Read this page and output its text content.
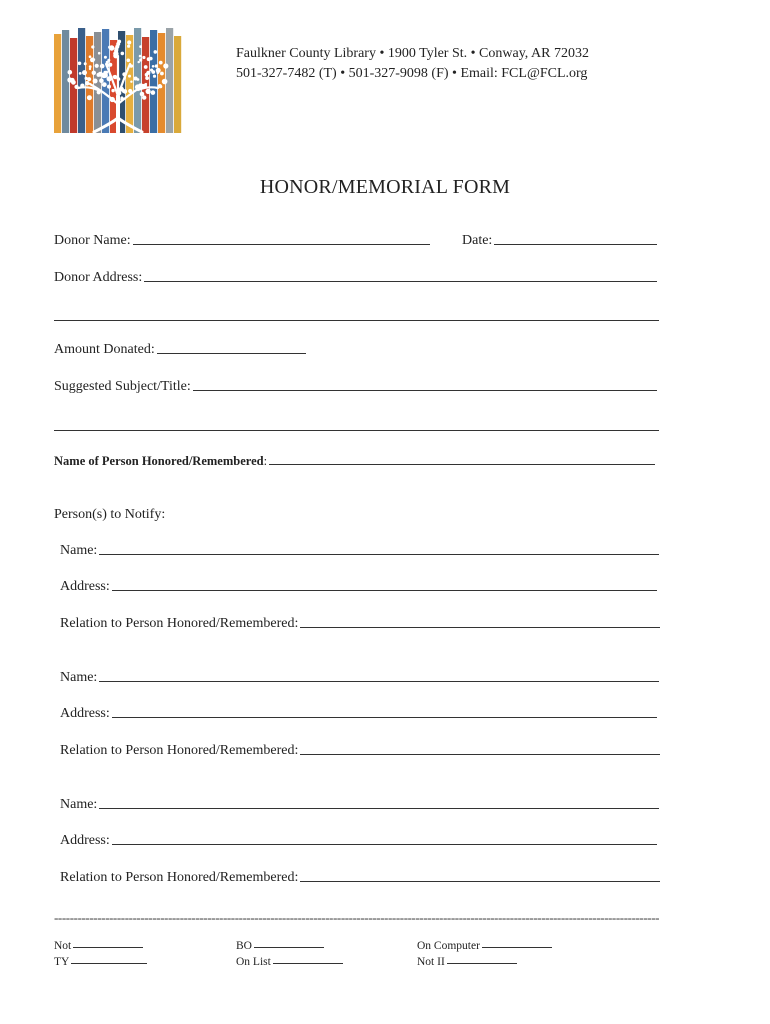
Faulkner County Library • 1900 Tyler St. • Conway, AR 72032
501-327-7482 (T) • 501-327-9098 (F) • Email: FCL@FCL.org
HONOR/MEMORIAL FORM
Donor Name:	Date:
Donor Address:
Amount Donated:
Suggested Subject/Title:
Name of Person Honored/Remembered :
Person(s) to Notify:
Name:
Address:
Relation to Person Honored/Remembered:
Name:
Address:
Relation to Person Honored/Remembered:
Name:
Address:
Relation to Person Honored/Remembered:
----------------------------------------------------------------------------------------------------------------------------------------------------------
Not
TY
BO
On List
On Computer
Not II
